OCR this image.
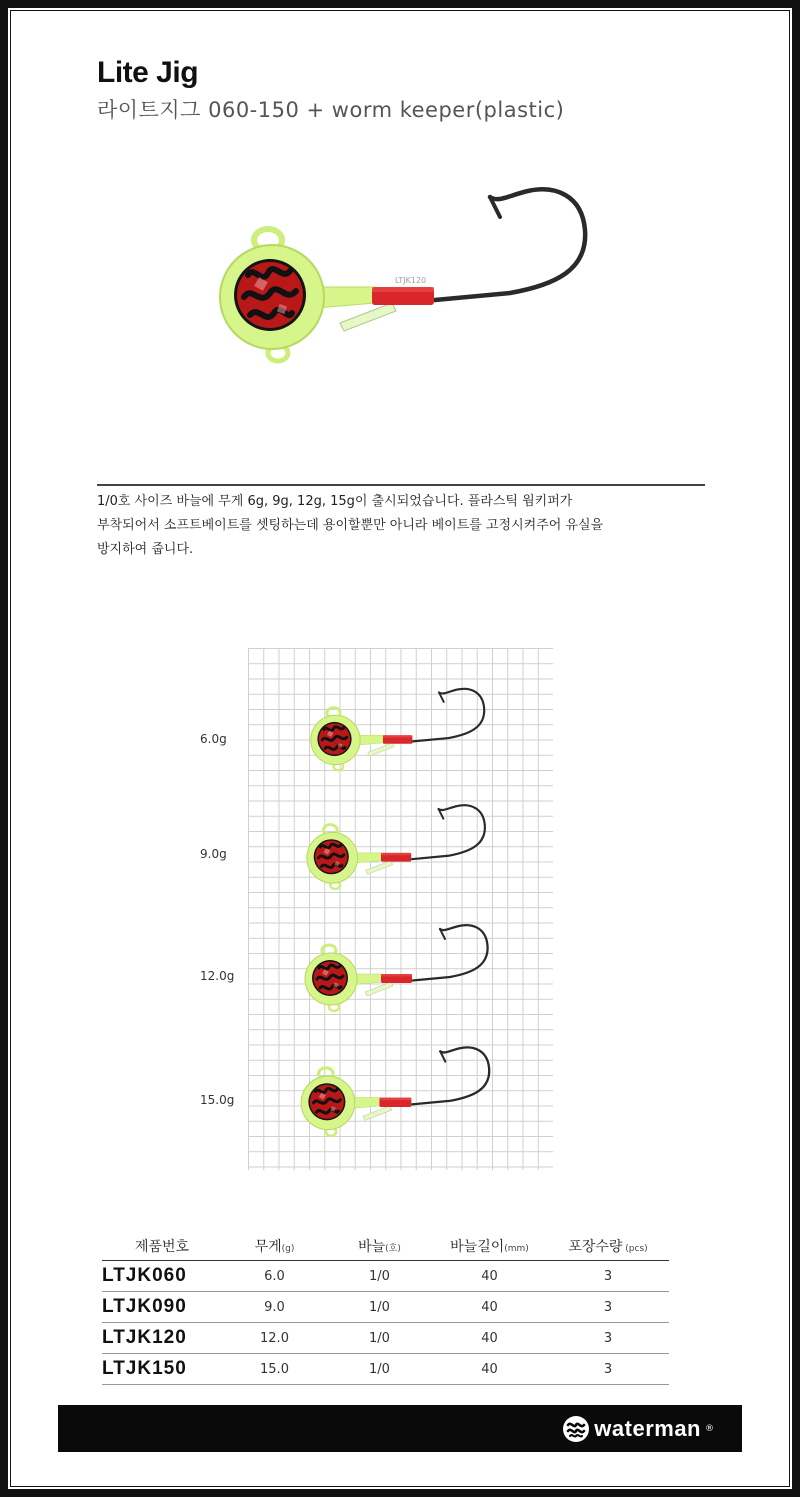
Lite Jig
라이트지그 060-150 + worm keeper(plastic)
LTJK120

1/0호 사이즈 바늘에 무게 6g, 9g, 12g, 15g이 출시되었습니다. 플라스틱 웜키퍼가

부착되어서 소프트베이트를 셋팅하는데 용이할뿐만 아니라 베이트를 고정시켜주어 유실을

방지하여 줍니다.

6.0g
9.0g
12.0g
15.0g
제품번호	무게(g)	바늘(호)	바늘길이(mm)	포장수량 (pcs)
LTJK060	6.0	1/0	40	3
LTJK090	9.0	1/0	40	3
LTJK120	12.0	1/0	40	3
LTJK150	15.0	1/0	40	3
waterman ®
